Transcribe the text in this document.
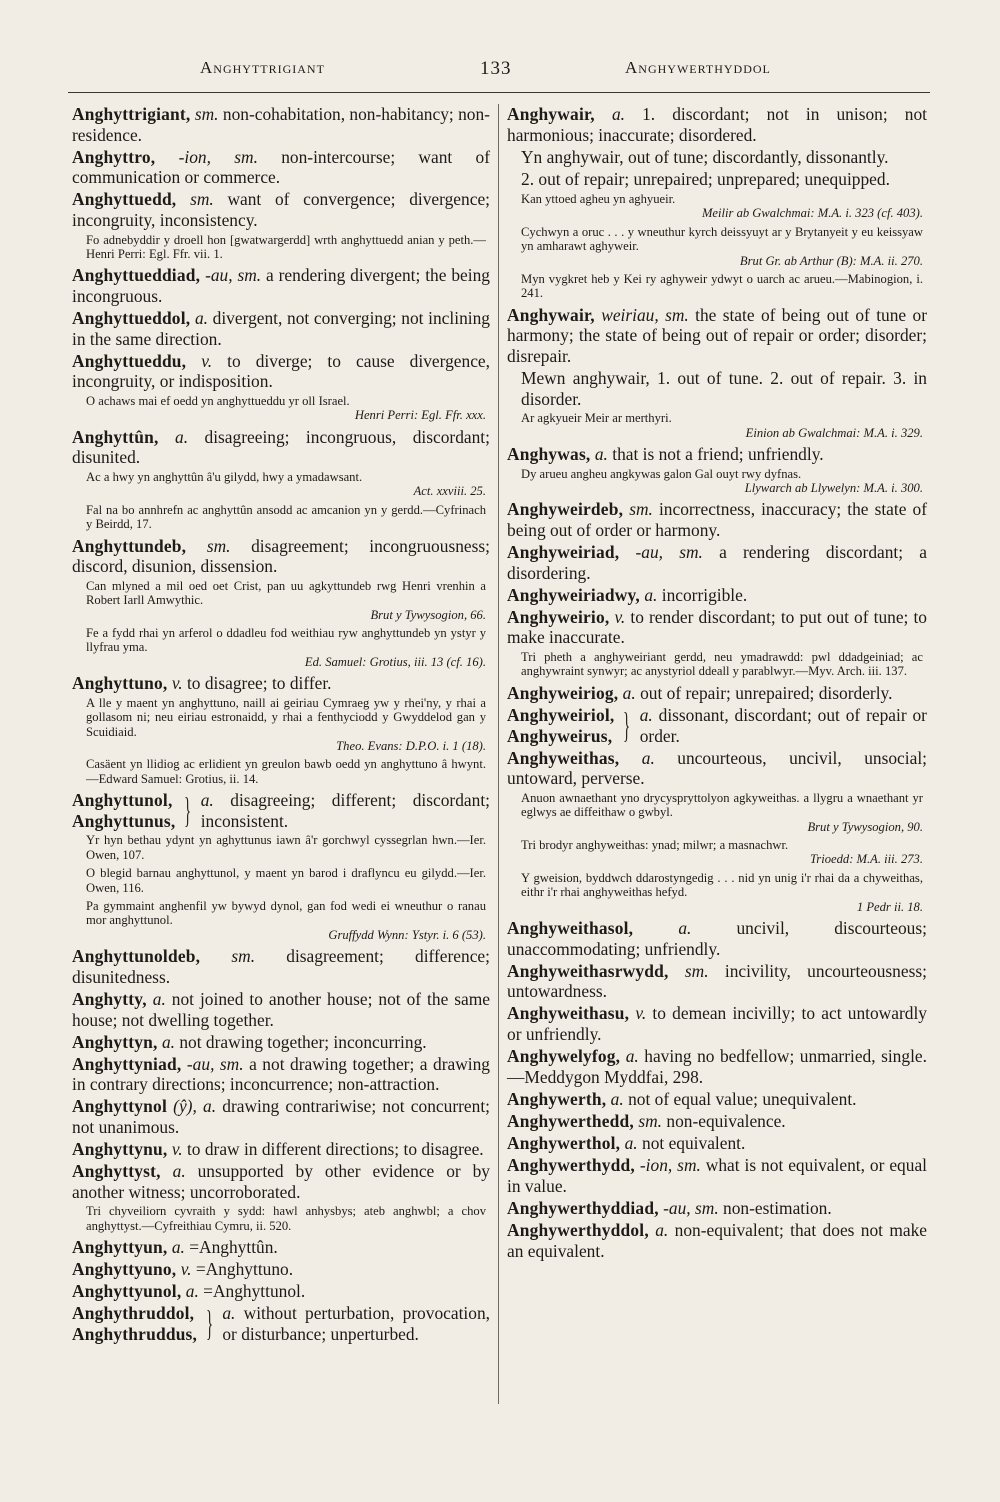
Anghyttrigiant	133	Anghywerthyddol

Anghyttrigiant, sm. non-cohabitation, non-habitancy; non-residence.

Anghyttro, -ion, sm. non-intercourse; want of communication or commerce.

Anghyttuedd, sm. want of convergence; divergence; incongruity, inconsistency.

Fo adnebyddir y droell hon [gwatwargerdd] wrth anghyttuedd anian y peth.—Henri Perri: Egl. Ffr. vii. 1.

Anghyttueddiad, -au, sm. a rendering divergent; the being incongruous.

Anghyttueddol, a. divergent, not converging; not inclining in the same direction.

Anghyttueddu, v. to diverge; to cause divergence, incongruity, or indisposition.

O achaws mai ef oedd yn anghyttueddu yr oll Israel.
Henri Perri: Egl. Ffr. xxx.

Anghyttûn, a. disagreeing; incongruous, discordant; disunited.

Ac a hwy yn anghyttûn â'u gilydd, hwy a ymadawsant.
Act. xxviii. 25.
Fal na bo annhrefn ac anghyttûn ansodd ac amcanion yn y gerdd.—Cyfrinach y Beirdd, 17.

Anghyttundeb, sm. disagreement; incongruousness; discord, disunion, dissension.

Can mlyned a mil oed oet Crist, pan uu agkyttundeb rwg Henri vrenhin a Robert Iarll Amwythic.
Brut y Tywysogion, 66.
Fe a fydd rhai yn arferol o ddadleu fod weithiau ryw anghyttundeb yn ystyr y llyfrau yma.
Ed. Samuel: Grotius, iii. 13 (cf. 16).

Anghyttuno, v. to disagree; to differ.

A lle y maent yn anghyttuno, naill ai geiriau Cymraeg yw y rhei'ny, y rhai a gollasom ni; neu eiriau estronaidd, y rhai a fenthyciodd y Gwyddelod gan y Scuidiaid.
Theo. Evans: D.P.O. i. 1 (18).
Casäent yn llidiog ac erlidient yn greulon bawb oedd yn anghyttuno â hwynt.—Edward Samuel: Grotius, ii. 14.
Anghyttunol,
Anghyttunus, } a. disagreeing; different; discordant; inconsistent.
Yr hyn bethau ydynt yn aghyttunus iawn â'r gorchwyl cyssegrlan hwn.—Ier. Owen, 107.
O blegid barnau anghyttunol, y maent yn barod i draflyncu eu gilydd.—Ier. Owen, 116.
Pa gymmaint anghenfil yw bywyd dynol, gan fod wedi ei wneuthur o ranau mor anghyttunol.
Gruffydd Wynn: Ystyr. i. 6 (53).

Anghyttunoldeb, sm. disagreement; difference; disunitedness.

Anghytty, a. not joined to another house; not of the same house; not dwelling together.

Anghyttyn, a. not drawing together; inconcurring.

Anghyttyniad, -au, sm. a not drawing together; a drawing in contrary directions; inconcurrence; non-attraction.

Anghyttynol (ŷ), a. drawing contrariwise; not concurrent; not unanimous.

Anghyttynu, v. to draw in different directions; to disagree.

Anghyttyst, a. unsupported by other evidence or by another witness; uncorroborated.

Tri chyveiliorn cyvraith y sydd: hawl anhysbys; ateb anghwbl; a chov anghyttyst.—Cyfreithiau Cymru, ii. 520.

Anghyttyun, a. =Anghyttûn.

Anghyttyuno, v. =Anghyttuno.

Anghyttyunol, a. =Anghyttunol.

Anghythruddol,
Anghythruddus, } a. without perturbation, provocation, or disturbance; unperturbed.

Anghywair, a. 1. discordant; not in unison; not harmonious; inaccurate; disordered.

Yn anghywair, out of tune; discordantly, dissonantly.

2. out of repair; unrepaired; unprepared; unequipped.

Kan yttoed agheu yn aghyueir.
Meilir ab Gwalchmai: M.A. i. 323 (cf. 403).
Cychwyn a oruc . . . y wneuthur kyrch deissyuyt ar y Brytanyeit y eu keissyaw yn amharawt aghyweir.
Brut Gr. ab Arthur (B): M.A. ii. 270.
Myn vygkret heb y Kei ry aghyweir ydwyt o uarch ac arueu.—Mabinogion, i. 241.

Anghywair, weiriau, sm. the state of being out of tune or harmony; the state of being out of repair or order; disorder; disrepair.

Mewn anghywair, 1. out of tune. 2. out of repair. 3. in disorder.

Ar agkyueir Meir ar merthyri.
Einion ab Gwalchmai: M.A. i. 329.

Anghywas, a. that is not a friend; unfriendly.

Dy arueu angheu angkywas galon Gal ouyt rwy dyfnas.
Llywarch ab Llywelyn: M.A. i. 300.

Anghyweirdeb, sm. incorrectness, inaccuracy; the state of being out of order or harmony.

Anghyweiriad, -au, sm. a rendering discordant; a disordering.

Anghyweiriadwy, a. incorrigible.

Anghyweirio, v. to render discordant; to put out of tune; to make inaccurate.

Tri pheth a anghyweiriant gerdd, neu ymadrawdd: pwl ddadgeiniad; ac anghywraint synwyr; ac anystyriol ddeall y parablwyr.—Myv. Arch. iii. 137.

Anghyweiriog, a. out of repair; unrepaired; disorderly.

Anghyweiriol,
Anghyweirus, } a. dissonant, discordant; out of repair or order.

Anghyweithas, a. uncourteous, uncivil, unsocial; untoward, perverse.

Anuon awnaethant yno drycyspryttolyon agkyweithas. a llygru a wnaethant yr eglwys ae diffeithaw o gwbyl.
Brut y Tywysogion, 90.
Tri brodyr anghyweithas: ynad; milwr; a masnachwr.
Trioedd: M.A. iii. 273.
Y gweision, byddwch ddarostyngedig . . . nid yn unig i'r rhai da a chyweithas, eithr i'r rhai anghyweithas hefyd.
1 Pedr ii. 18.

Anghyweithasol,	a.	uncivil, discourteous; unaccommodating; unfriendly.

Anghyweithasrwydd, sm. incivility, uncourteousness; untowardness.

Anghyweithasu, v. to demean incivilly; to act untowardly or unfriendly.

Anghywelyfog, a. having no bedfellow; unmarried, single.—Meddygon Myddfai, 298.

Anghywerth, a. not of equal value; unequivalent.

Anghywerthedd, sm. non-equivalence.

Anghywerthol, a. not equivalent.

Anghywerthydd, -ion, sm. what is not equivalent, or equal in value.

Anghywerthyddiad, -au, sm. non-estimation.

Anghywerthyddol, a. non-equivalent; that does not make an equivalent.
